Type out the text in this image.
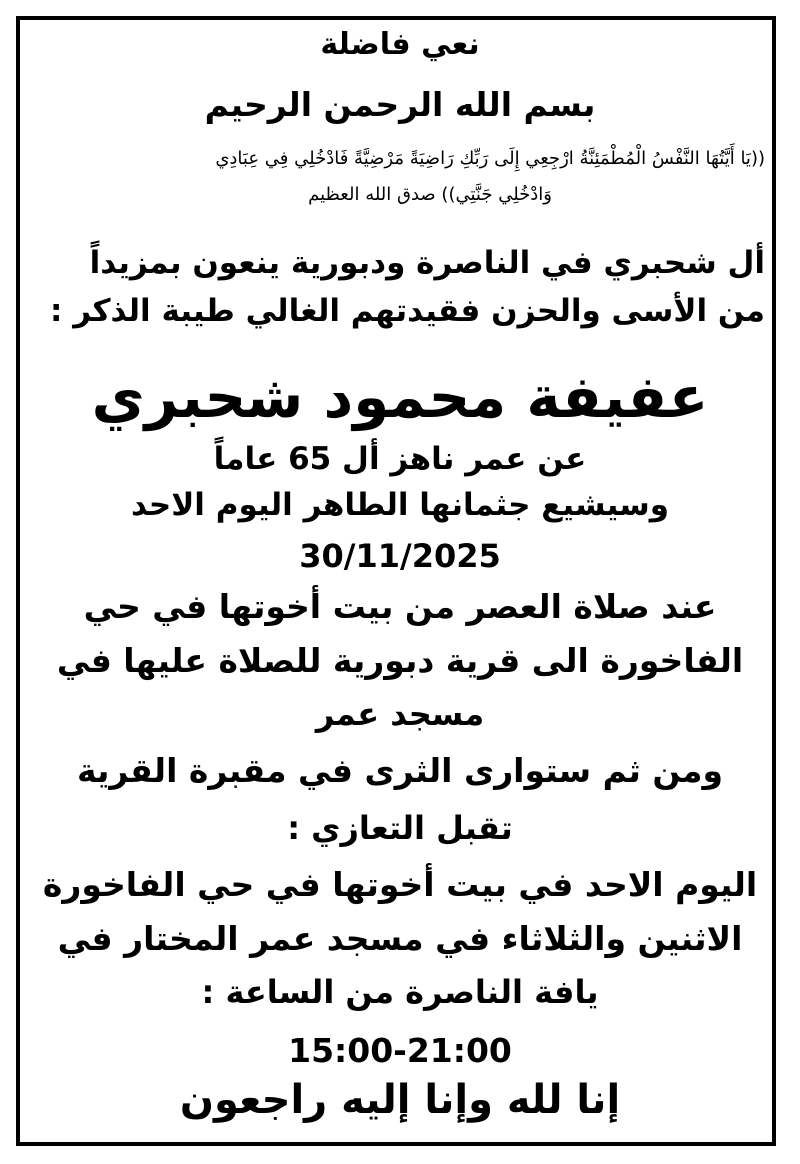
نعي فاضلة
بسم الله الرحمن الرحيم
((يَا أَيَّتُهَا النَّفْسُ الْمُطْمَئِنَّةُ ارْجِعِي إِلَى رَبِّكِ رَاضِيَةً مَرْضِيَّةً فَادْخُلِي فِي عِبَادِي
وَادْخُلِي جَنَّتِي)) صدق الله العظيم
أل شحبري في الناصرة ودبورية ينعون بمزيداً
من الأسى والحزن فقيدتهم الغالي طيبة الذكر :
عفيفة محمود شحبري
عن عمر ناهز أل 65 عاماً
وسيشيع جثمانها الطاهر اليوم الاحد
30/11/2025
عند صلاة العصر من بيت أخوتها في حي
الفاخورة الى قرية دبورية للصلاة عليها في
مسجد عمر
ومن ثم ستوارى الثرى في مقبرة القرية
تقبل التعازي :
اليوم الاحد في بيت أخوتها في حي الفاخورة
الاثنين والثلاثاء في مسجد عمر المختار في
يافة الناصرة من الساعة :
15:00-21:00
إنا لله وإنا إليه راجعون
